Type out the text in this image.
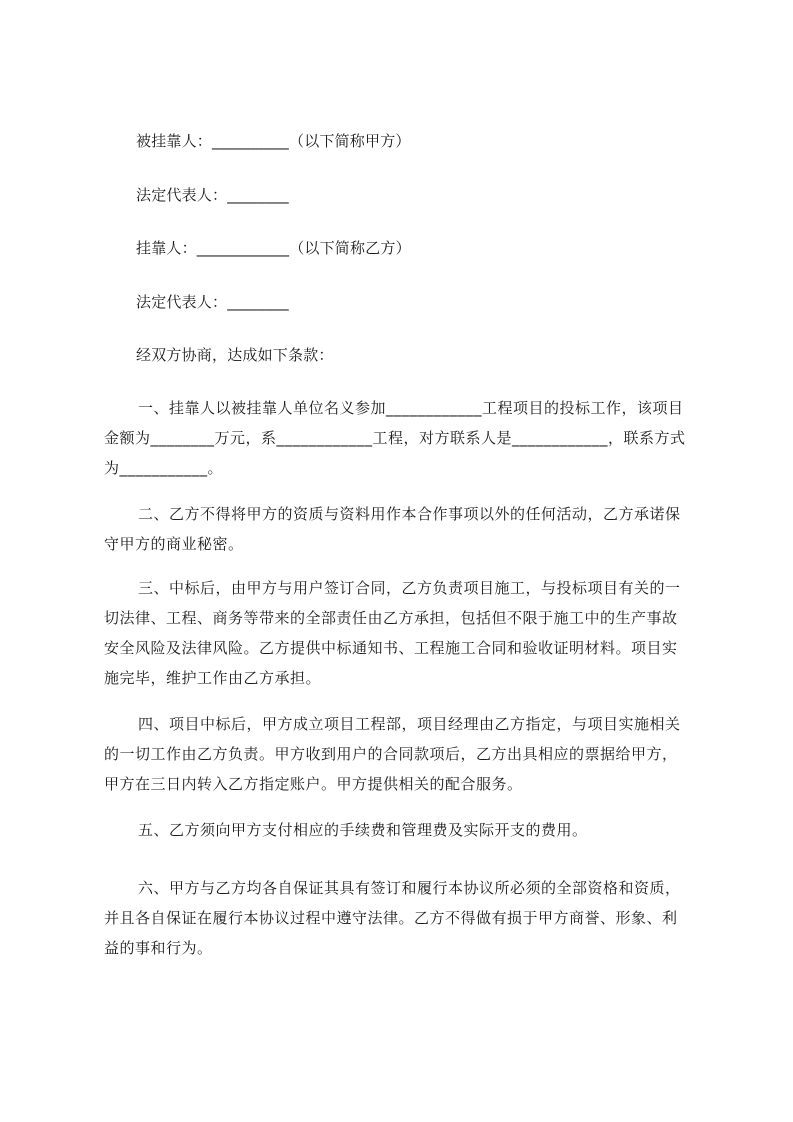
被挂靠人：__________（以下简称甲方）
法定代表人：________
挂靠人：____________（以下简称乙方）
法定代表人：________
经双方协商，达成如下条款：
一、挂靠人以被挂靠人单位名义参加____________工程项目的投标工作，该项目
金额为________万元，系____________工程，对方联系人是____________，联系方式
为___________。
二、乙方不得将甲方的资质与资料用作本合作事项以外的任何活动，乙方承诺保
守甲方的商业秘密。
三、中标后，由甲方与用户签订合同，乙方负责项目施工，与投标项目有关的一
切法律、工程、商务等带来的全部责任由乙方承担，包括但不限于施工中的生产事故
安全风险及法律风险。乙方提供中标通知书、工程施工合同和验收证明材料。项目实
施完毕，维护工作由乙方承担。
四、项目中标后，甲方成立项目工程部，项目经理由乙方指定，与项目实施相关
的一切工作由乙方负责。甲方收到用户的合同款项后，乙方出具相应的票据给甲方，
甲方在三日内转入乙方指定账户。甲方提供相关的配合服务。
五、乙方须向甲方支付相应的手续费和管理费及实际开支的费用。
六、甲方与乙方均各自保证其具有签订和履行本协议所必须的全部资格和资质，
并且各自保证在履行本协议过程中遵守法律。乙方不得做有损于甲方商誉、形象、利
益的事和行为。
